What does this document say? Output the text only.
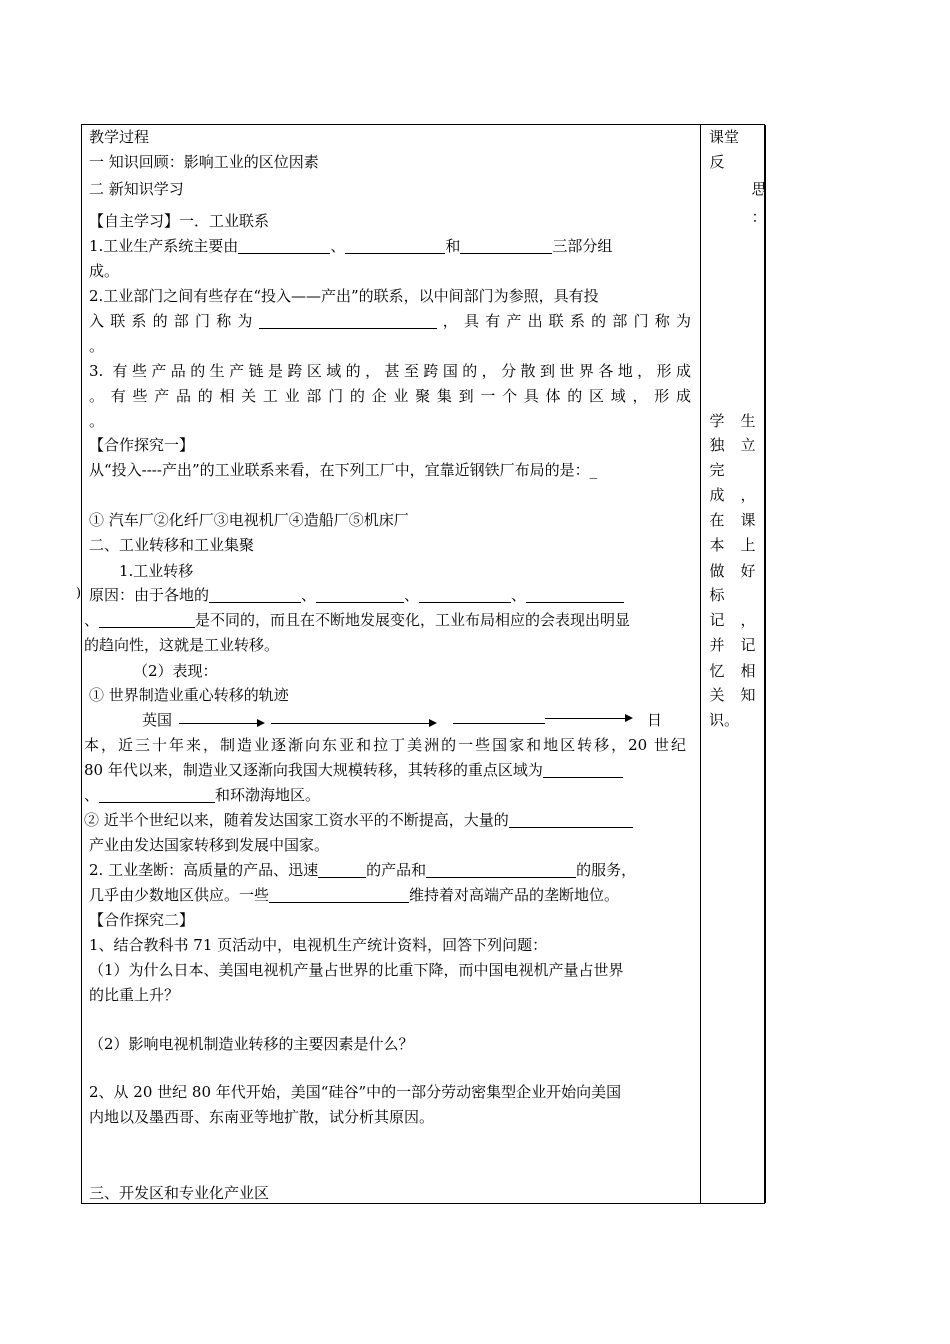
)
教学过程
一 知识回顾：影响工业的区位因素
二 新知识学习
【自主学习】一．工业联系
1.工业生产系统主要由	、	和	三部分组
成。
2.工业部门之间有些存在“投入——产出”的联系，以中间部门为参照，具有投
入联系的部门称为	，具有产出联系的部门称为
。
3. 有些产品的生产链是跨区域的，甚至跨国的，分散到世界各地，形成
。有些产品的相关工业部门的企业聚集到一个具体的区域，形成
。
【合作探究一】
从“投入----产出”的工业联系来看，在下列工厂中，宜靠近钢铁厂布局的是：_
① 汽车厂②化纤厂③电视机厂④造船厂⑤机床厂
二、工业转移和工业集聚
1.工业转移
原因：由于各地的	、	、	、
、	是不同的，而且在不断地发展变化，工业布局相应的会表现出明显
的趋向性，这就是工业转移。
（2）表现：
① 世界制造业重心转移的轨迹
英国	日
本，近三十年来，制造业逐渐向东亚和拉丁美洲的一些国家和地区转移，20 世纪
80 年代以来，制造业又逐渐向我国大规模转移，其转移的重点区域为
、	和环渤海地区。
② 近半个世纪以来，随着发达国家工资水平的不断提高，大量的
产业由发达国家转移到发展中国家。
2. 工业垄断：高质量的产品、迅速	的产品和	的服务，
几乎由少数地区供应。一些	维持着对高端产品的垄断地位。
【合作探究二】
1、结合教科书 71 页活动中，电视机生产统计资料，回答下列问题：
（1）为什么日本、美国电视机产量占世界的比重下降，而中国电视机产量占世界
的比重上升？
（2）影响电视机制造业转移的主要因素是什么？
2、从 20 世纪 80 年代开始，美国“硅谷”中的一部分劳动密集型企业开始向美国
内地以及墨西哥、东南亚等地扩散，试分析其原因。
三、开发区和专业化产业区
课堂
反
思
：
学
独
完
成
在
本
做
标
记
并
忆
关
识。
生
立
，
课
上
好
，
记
相
知
